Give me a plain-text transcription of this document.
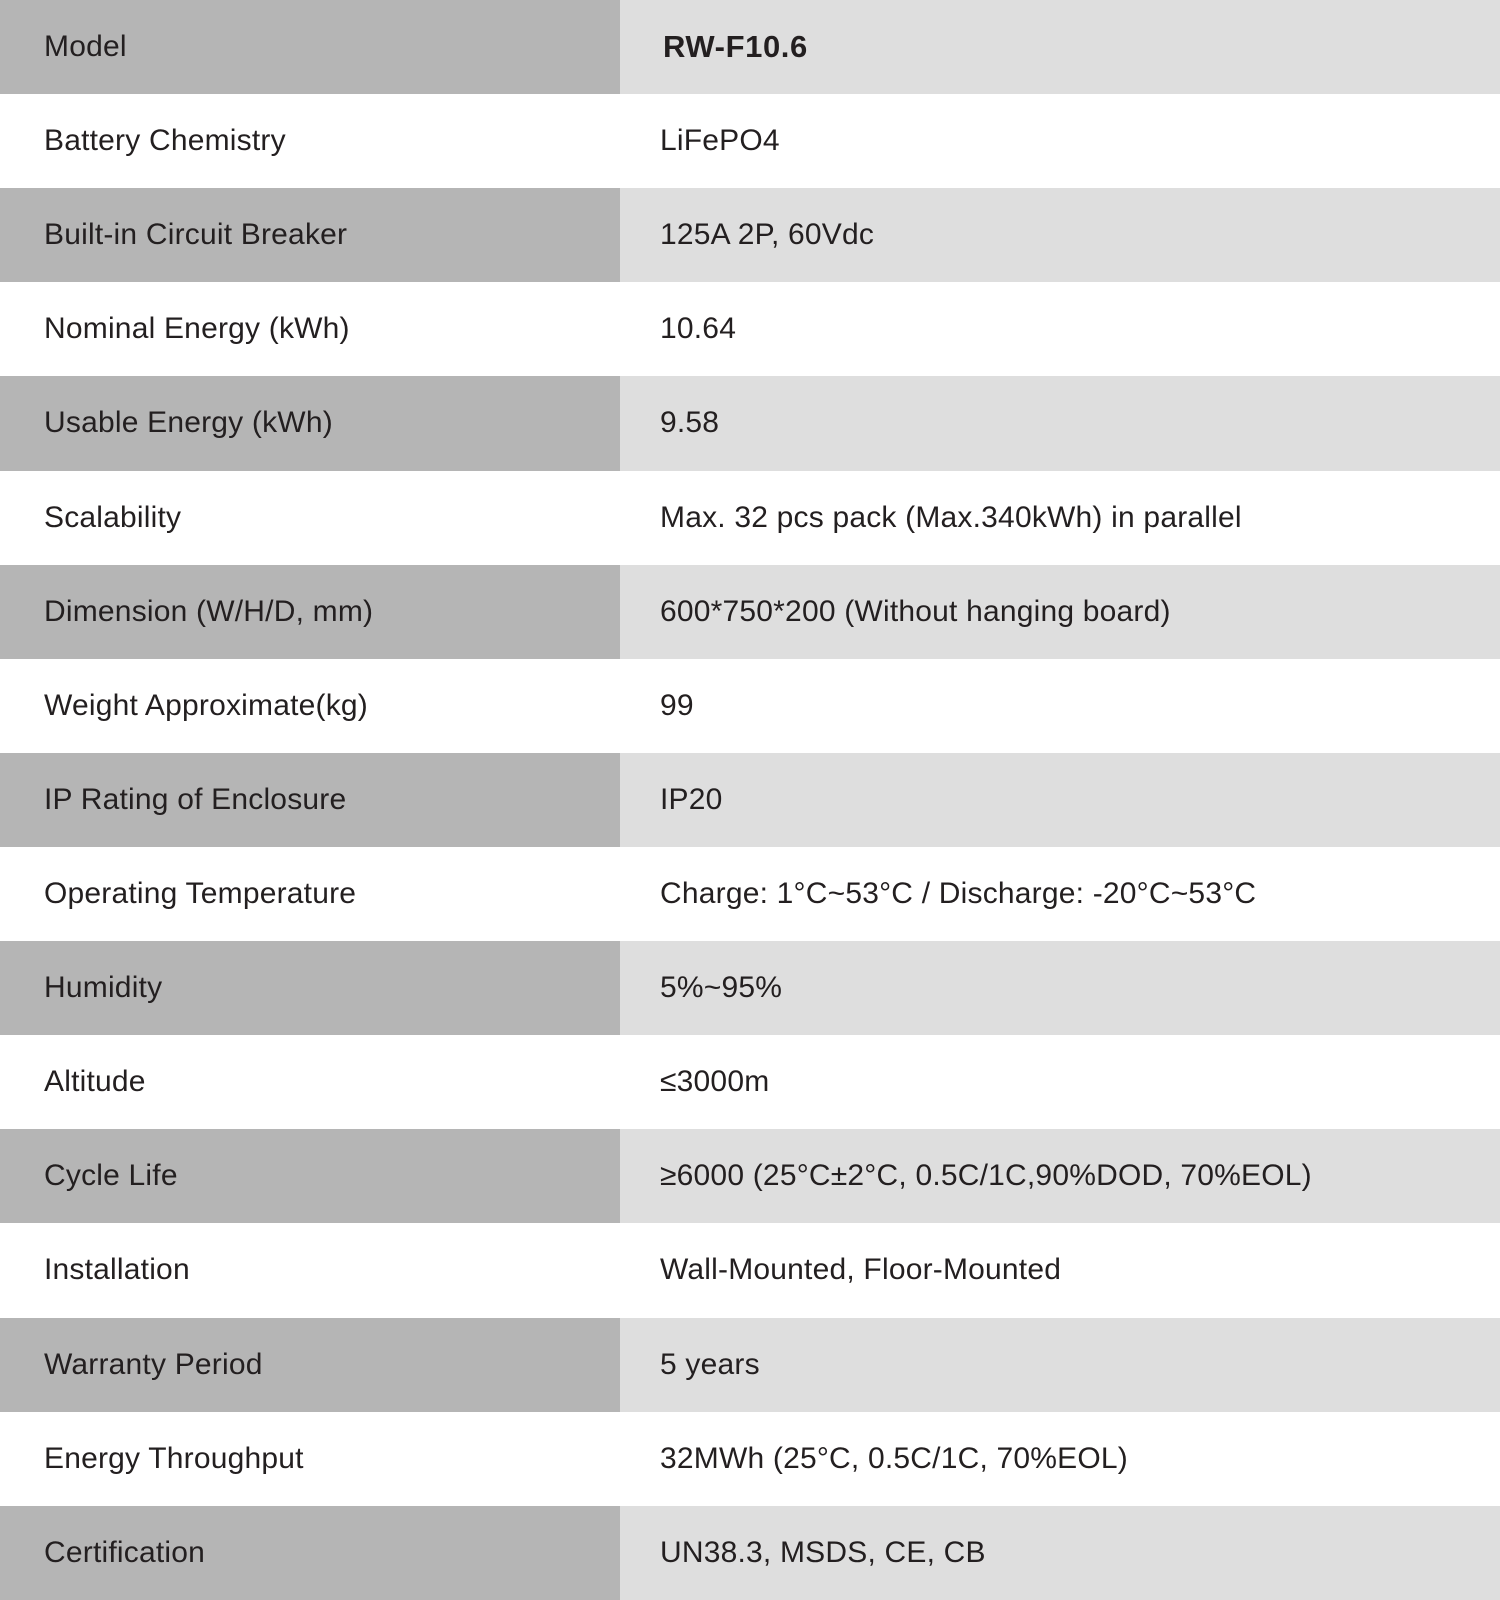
Model	RW-F10.6
Battery Chemistry	LiFePO4
Built-in Circuit Breaker	125A 2P, 60Vdc
Nominal Energy (kWh)	10.64
Usable Energy (kWh)	9.58
Scalability	Max. 32 pcs pack (Max.340kWh) in parallel
Dimension (W/H/D, mm)	600*750*200 (Without hanging board)
Weight Approximate(kg)	99
IP Rating of Enclosure	IP20
Operating Temperature	Charge: 1°C~53°C / Discharge: -20°C~53°C
Humidity	5%~95%
Altitude	≤3000m
Cycle Life	≥6000 (25°C±2°C, 0.5C/1C,90%DOD, 70%EOL)
Installation	Wall-Mounted, Floor-Mounted
Warranty Period	5 years
Energy Throughput	32MWh (25°C, 0.5C/1C, 70%EOL)
Certification	UN38.3, MSDS, CE, CB
